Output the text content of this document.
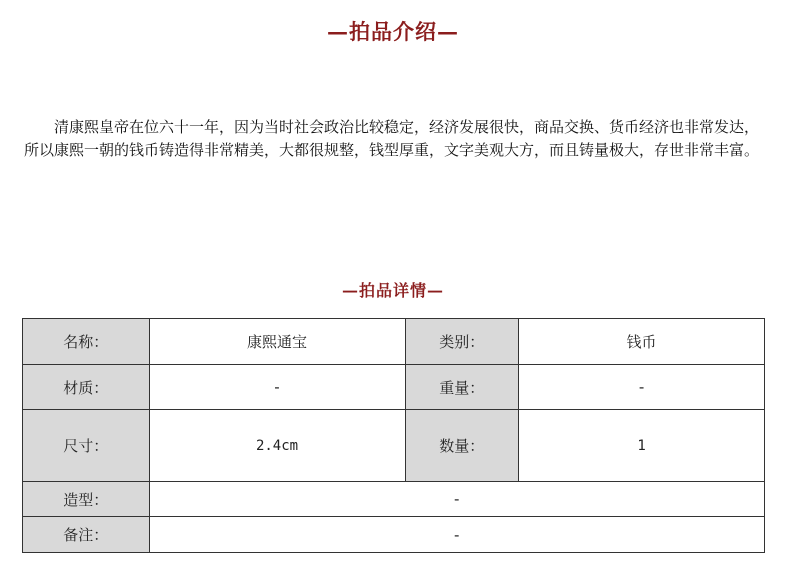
—拍品介绍—

清康熙皇帝在位六十一年，因为当时社会政治比较稳定，经济发展很快，商品交换、货币经济也非常发达，所以康熙一朝的钱币铸造得非常精美，大都很规整，钱型厚重，文字美观大方，而且铸量极大，存世非常丰富。

—拍品详情—
名称：	康熙通宝	类别：	钱币
材质：	-	重量：	-
尺寸：	2.4cm	数量：	1
造型：	-		
备注：	-		
